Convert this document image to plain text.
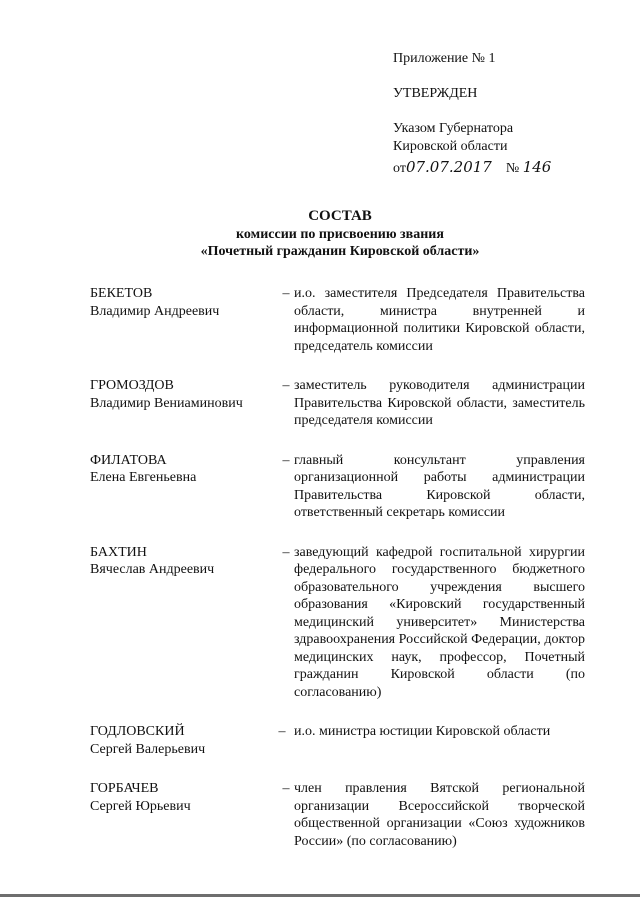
Приложение № 1
УТВЕРЖДЕН
Указом Губернатора
Кировской области
от07.07.2017 № 146
СОСТАВ
комиссии по присвоению звания
«Почетный гражданин Кировской области»
БЕКЕТОВ
Владимир Андреевич
– и.о. заместителя Председателя Правительства области, министра внутренней и информационной политики Кировской области, председатель комиссии
ГРОМОЗДОВ
Владимир Вениаминович
– заместитель руководителя администрации Правительства Кировской области, заместитель председателя комиссии
ФИЛАТОВА
Елена Евгеньевна
– главный консультант управления организационной работы администрации Правительства Кировской области, ответственный секретарь комиссии
БАХТИН
Вячеслав Андреевич
– заведующий кафедрой госпитальной хирургии федерального государственного бюджетного образовательного учреждения высшего образования «Кировский государственный медицинский университет» Министерства здравоохранения Российской Федерации, доктор медицинских наук, профессор, Почетный гражданин Кировской области (по согласованию)
ГОДЛОВСКИЙ
Сергей Валерьевич
– и.о. министра юстиции Кировской области
ГОРБАЧЕВ
Сергей Юрьевич
– член правления Вятской региональной организации Всероссийской творческой общественной организации «Союз художников России» (по согласованию)
